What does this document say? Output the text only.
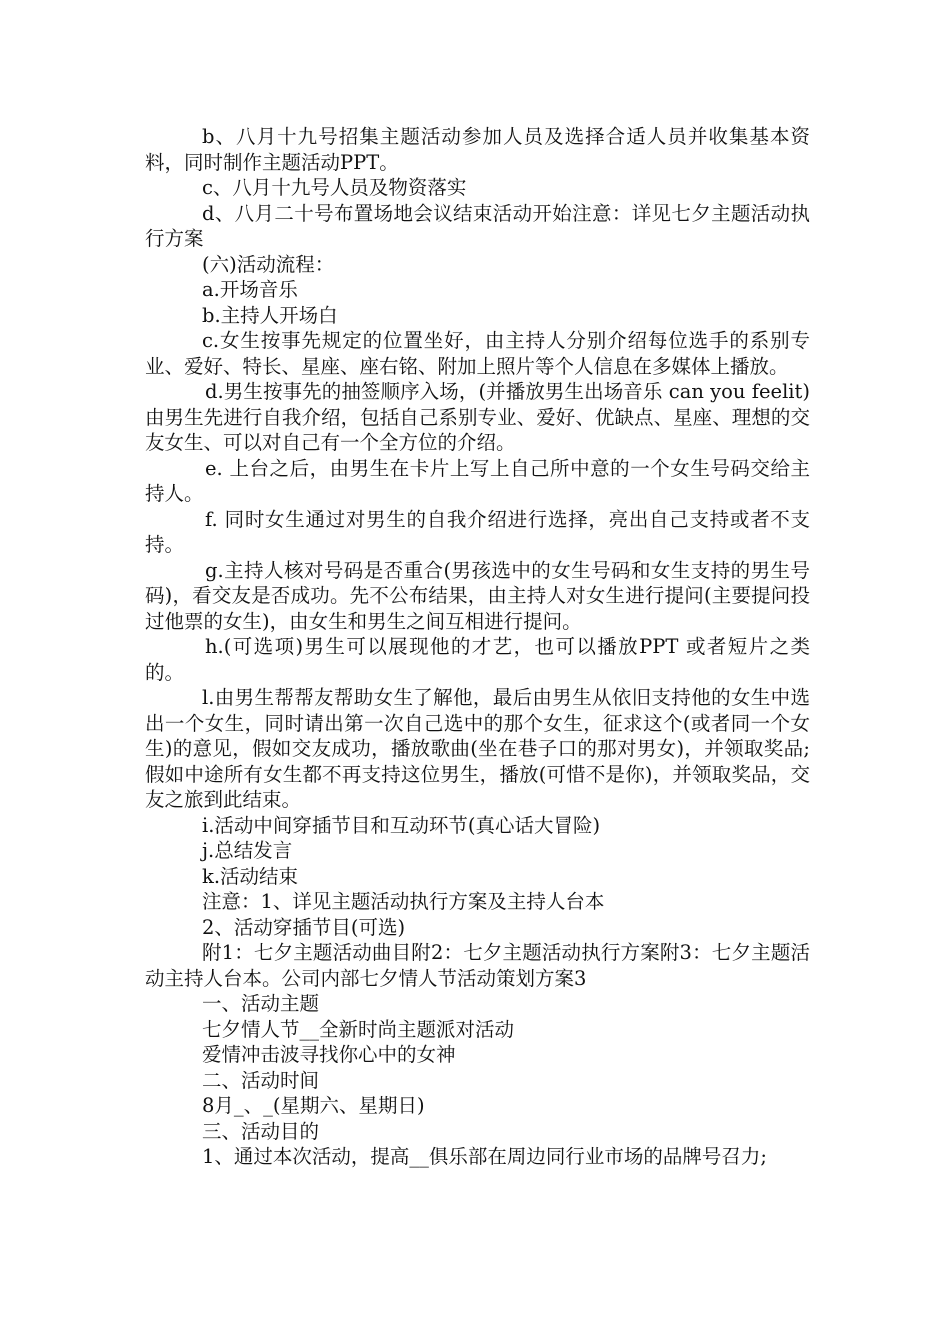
b、八月十九号招集主题活动参加人员及选择合适人员并收集基本资料，同时制作主题活动PPT。

c、八月十九号人员及物资落实

d、八月二十号布置场地会议结束活动开始注意：详见七夕主题活动执行方案

(六)活动流程：

a.开场音乐

b.主持人开场白

c.女生按事先规定的位置坐好，由主持人分别介绍每位选手的系别专业、爱好、特长、星座、座右铭、附加上照片等个人信息在多媒体上播放。

d.男生按事先的抽签顺序入场，(并播放男生出场音乐 can you feelit)由男生先进行自我介绍，包括自己系别专业、爱好、优缺点、星座、理想的交友女生、可以对自己有一个全方位的介绍。

e. 上台之后，由男生在卡片上写上自己所中意的一个女生号码交给主持人。

f. 同时女生通过对男生的自我介绍进行选择，亮出自己支持或者不支持。

g.主持人核对号码是否重合(男孩选中的女生号码和女生支持的男生号码)，看交友是否成功。先不公布结果，由主持人对女生进行提问(主要提问投过他票的女生)，由女生和男生之间互相进行提问。

h.(可选项)男生可以展现他的才艺，也可以播放PPT 或者短片之类的。

l.由男生帮帮友帮助女生了解他，最后由男生从依旧支持他的女生中选出一个女生，同时请出第一次自己选中的那个女生，征求这个(或者同一个女生)的意见，假如交友成功，播放歌曲(坐在巷子口的那对男女)，并领取奖品;假如中途所有女生都不再支持这位男生，播放(可惜不是你)，并领取奖品，交友之旅到此结束。

i.活动中间穿插节目和互动环节(真心话大冒险)

j.总结发言

k.活动结束

注意：1、详见主题活动执行方案及主持人台本

2、活动穿插节目(可选)

附1：七夕主题活动曲目附2：七夕主题活动执行方案附3：七夕主题活动主持人台本。公司内部七夕情人节活动策划方案3

一、活动主题

七夕情人节__全新时尚主题派对活动

爱情冲击波寻找你心中的女神

二、活动时间

8月_、_(星期六、星期日)

三、活动目的

1、通过本次活动，提高__俱乐部在周边同行业市场的品牌号召力;
